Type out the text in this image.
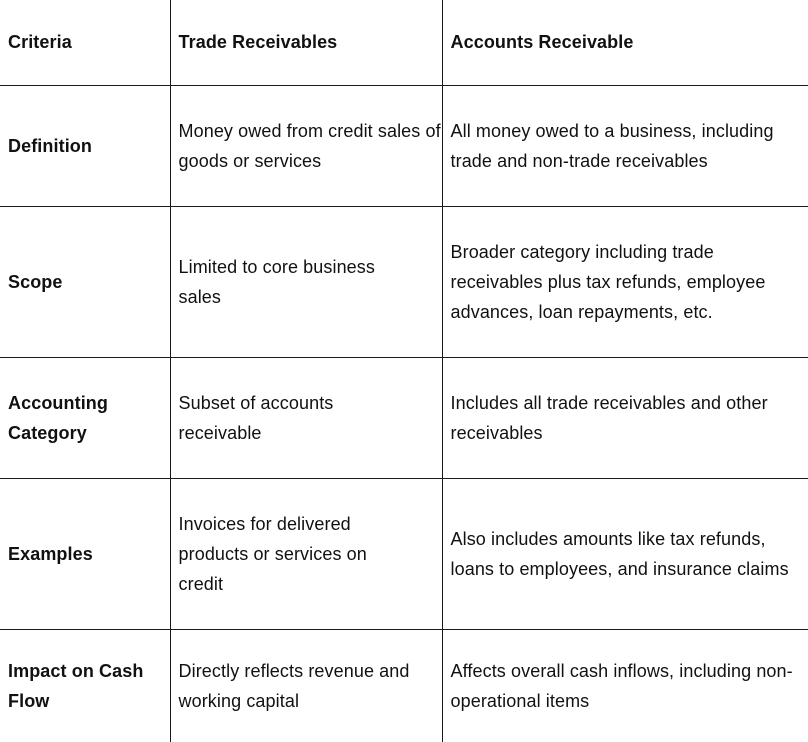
Criteria	Trade Receivables	Accounts Receivable
Definition	Money owed from credit sales of goods or services	All money owed to a business, including trade and non-trade receivables
Scope	Limited to core business sales	Broader category including trade receivables plus tax refunds, employee advances, loan repayments, etc.
Accounting Category	Subset of accounts receivable	Includes all trade receivables and other receivables
Examples	Invoices for delivered products or services on credit	Also includes amounts like tax refunds, loans to employees, and insurance claims
Impact on Cash Flow	Directly reflects revenue and working capital	Affects overall cash inflows, including non-operational items
